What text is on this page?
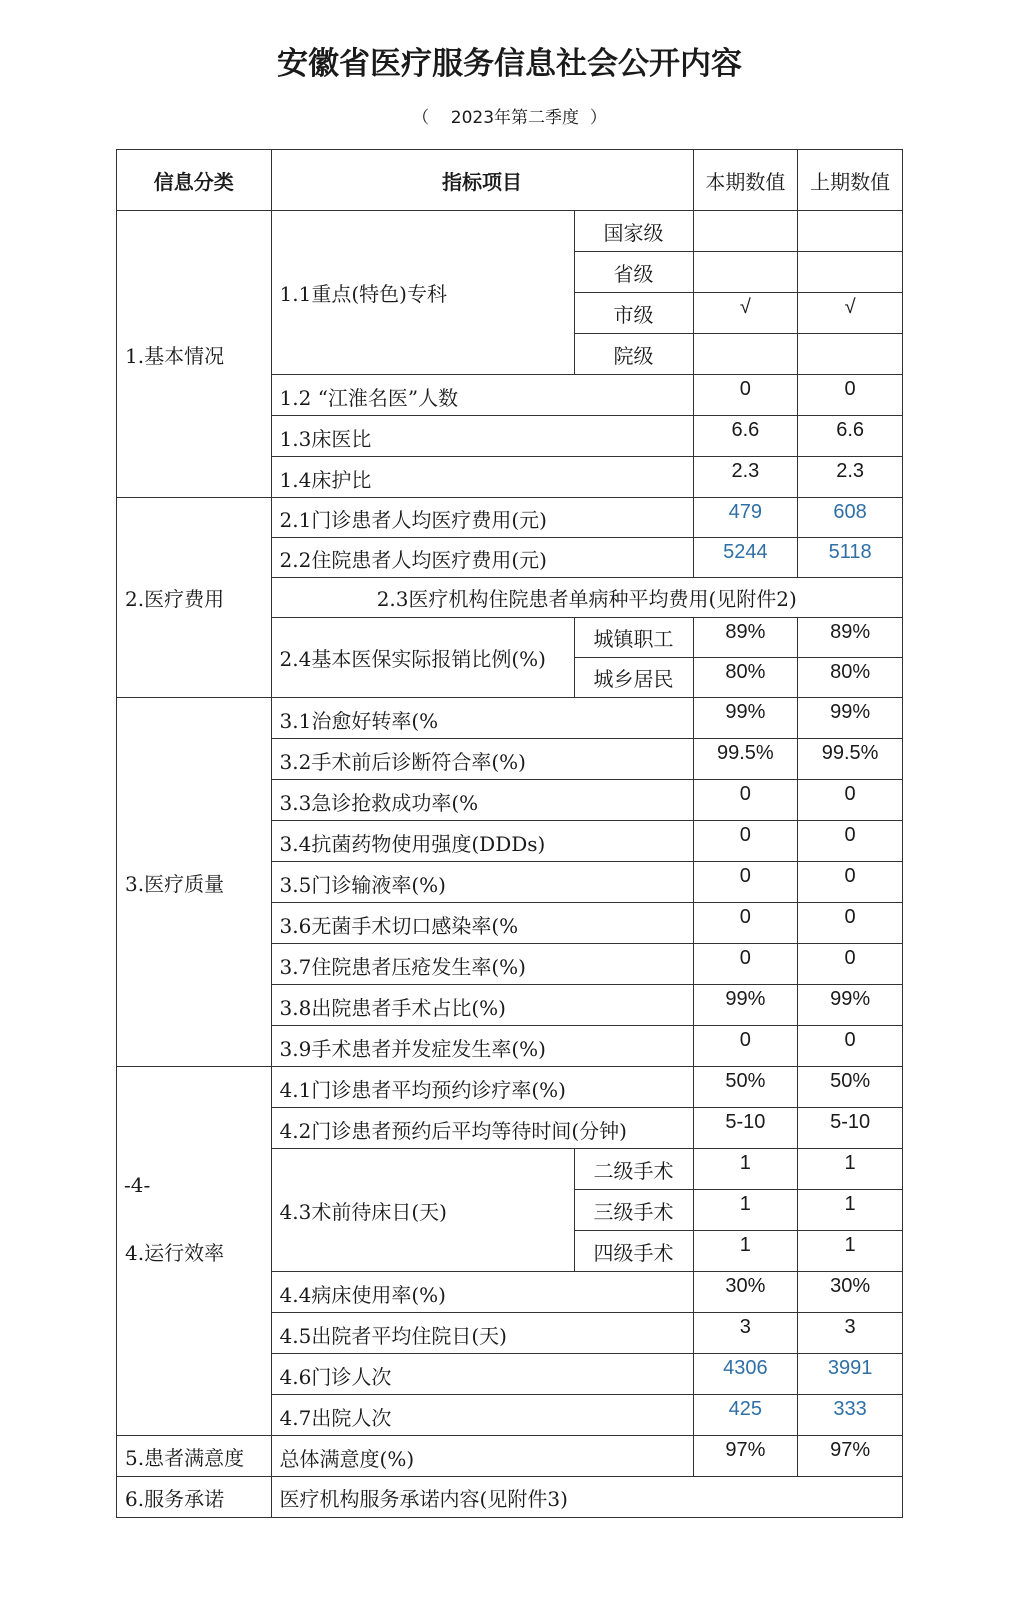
安徽省医疗服务信息社会公开内容
（    2023年第二季度  ）
信息分类	指标项目		本期数值	上期数值
1.基本情况	1.1重点(特色)专科	国家级		
		省级		
		市级	√	√
		院级		
	1.2 “江淮名医”人数		0	0
	1.3床医比		6.6	6.6
	1.4床护比		2.3	2.3
2.医疗费用	2.1门诊患者人均医疗费用(元)		479	608
	2.2住院患者人均医疗费用(元)		5244	5118
	2.3医疗机构住院患者单病种平均费用(见附件2)			
	2.4基本医保实际报销比例(%)	城镇职工	89%	89%
		城乡居民	80%	80%
3.医疗质量	3.1治愈好转率(%		99%	99%
	3.2手术前后诊断符合率(%)		99.5%	99.5%
	3.3急诊抢救成功率(%		0	0
	3.4抗菌药物使用强度(DDDs)		0	0
	3.5门诊输液率(%)		0	0
	3.6无菌手术切口感染率(%		0	0
	3.7住院患者压疮发生率(%)		0	0
	3.8出院患者手术占比(%)		99%	99%
	3.9手术患者并发症发生率(%)		0	0
4.运行效率	4.1门诊患者平均预约诊疗率(%)		50%	50%
	4.2门诊患者预约后平均等待时间(分钟)		5-10	5-10
	4.3术前待床日(天)	二级手术	1	1
		三级手术	1	1
		四级手术	1	1
	4.4病床使用率(%)		30%	30%
	4.5出院者平均住院日(天)		3	3
	4.6门诊人次		4306	3991
	4.7出院人次		425	333
5.患者满意度	总体满意度(%)		97%	97%
6.服务承诺	医疗机构服务承诺内容(见附件3)			
-4-
